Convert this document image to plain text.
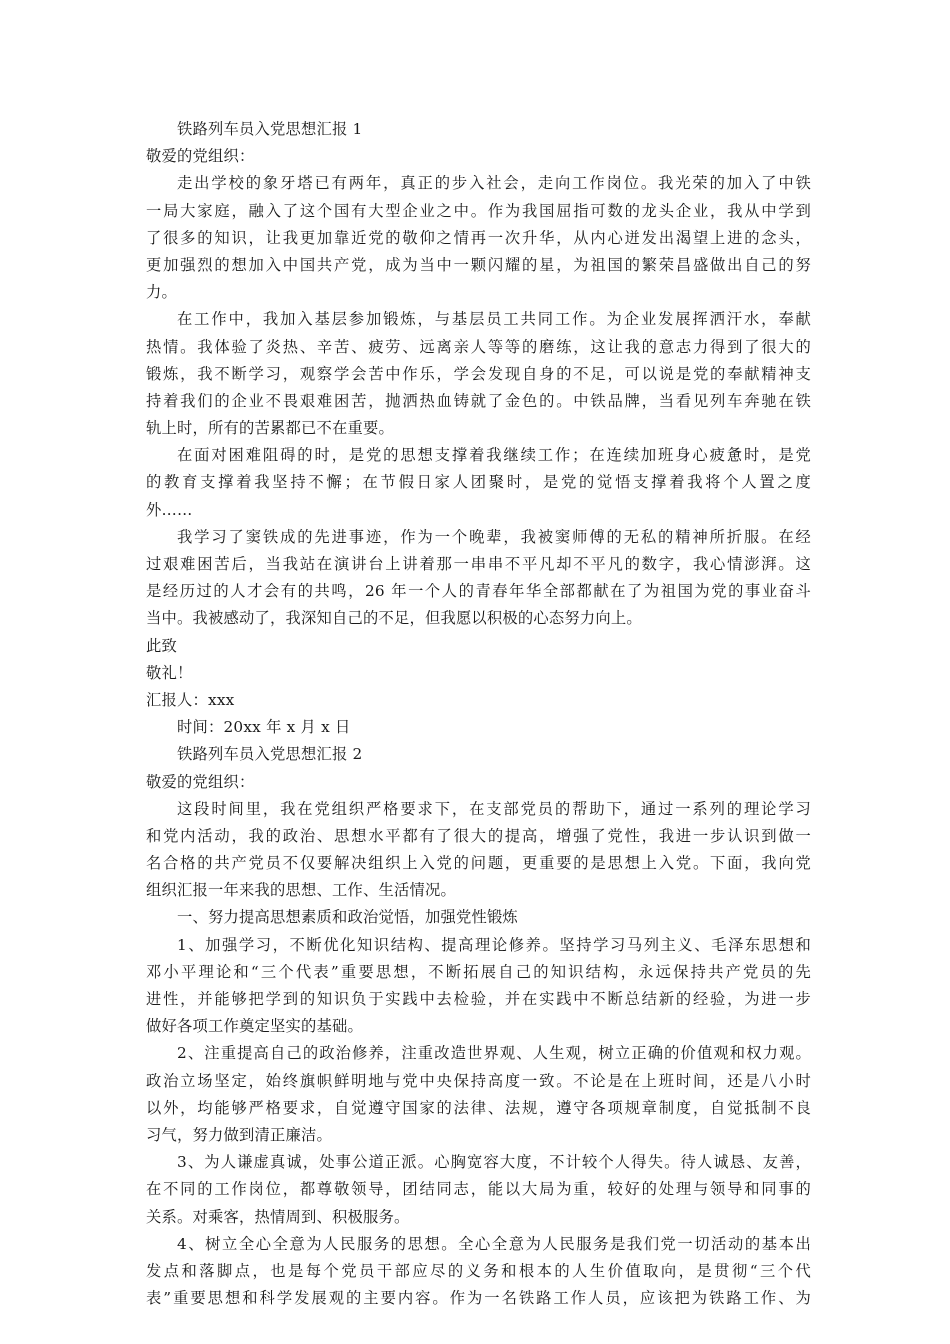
铁路列车员入党思想汇报 1
敬爱的党组织：
走出学校的象牙塔已有两年，真正的步入社会，走向工作岗位。我光荣的加入了中铁
一局大家庭，融入了这个国有大型企业之中。作为我国屈指可数的龙头企业，我从中学到
了很多的知识，让我更加靠近党的敬仰之情再一次升华，从内心迸发出渴望上进的念头，
更加强烈的想加入中国共产党，成为当中一颗闪耀的星，为祖国的繁荣昌盛做出自己的努
力。
在工作中，我加入基层参加锻炼，与基层员工共同工作。为企业发展挥洒汗水，奉献
热情。我体验了炎热、辛苦、疲劳、远离亲人等等的磨练，这让我的意志力得到了很大的
锻炼，我不断学习，观察学会苦中作乐，学会发现自身的不足，可以说是党的奉献精神支
持着我们的企业不畏艰难困苦，抛洒热血铸就了金色的。中铁品牌，当看见列车奔驰在铁
轨上时，所有的苦累都已不在重要。
在面对困难阻碍的时，是党的思想支撑着我继续工作；在连续加班身心疲惫时，是党
的教育支撑着我坚持不懈；在节假日家人团聚时，是党的觉悟支撑着我将个人置之度
外……
我学习了窦铁成的先进事迹，作为一个晚辈，我被窦师傅的无私的精神所折服。在经
过艰难困苦后，当我站在演讲台上讲着那一串串不平凡却不平凡的数字，我心情澎湃。这
是经历过的人才会有的共鸣，26 年一个人的青春年华全部都献在了为祖国为党的事业奋斗
当中。我被感动了，我深知自己的不足，但我愿以积极的心态努力向上。
此致
敬礼！
汇报人：xxx
时间：20xx 年 x 月 x 日
铁路列车员入党思想汇报 2
敬爱的党组织：
这段时间里，我在党组织严格要求下，在支部党员的帮助下，通过一系列的理论学习
和党内活动，我的政治、思想水平都有了很大的提高，增强了党性，我进一步认识到做一
名合格的共产党员不仅要解决组织上入党的问题，更重要的是思想上入党。下面，我向党
组织汇报一年来我的思想、工作、生活情况。
一、努力提高思想素质和政治觉悟，加强党性锻炼
1、加强学习，不断优化知识结构、提高理论修养。坚持学习马列主义、毛泽东思想和
邓小平理论和“三个代表”重要思想，不断拓展自己的知识结构，永远保持共产党员的先
进性，并能够把学到的知识负于实践中去检验，并在实践中不断总结新的经验，为进一步
做好各项工作奠定坚实的基础。
2、注重提高自己的政治修养，注重改造世界观、人生观，树立正确的价值观和权力观。
政治立场坚定，始终旗帜鲜明地与党中央保持高度一致。不论是在上班时间，还是八小时
以外，均能够严格要求，自觉遵守国家的法律、法规，遵守各项规章制度，自觉抵制不良
习气，努力做到清正廉洁。
3、为人谦虚真诚，处事公道正派。心胸宽容大度，不计较个人得失。待人诚恳、友善，
在不同的工作岗位，都尊敬领导，团结同志，能以大局为重，较好的处理与领导和同事的
关系。对乘客，热情周到、积极服务。
4、树立全心全意为人民服务的思想。全心全意为人民服务是我们党一切活动的基本出
发点和落脚点，也是每个党员干部应尽的义务和根本的人生价值取向，是贯彻“三个代
表”重要思想和科学发展观的主要内容。作为一名铁路工作人员，应该把为铁路工作、为
